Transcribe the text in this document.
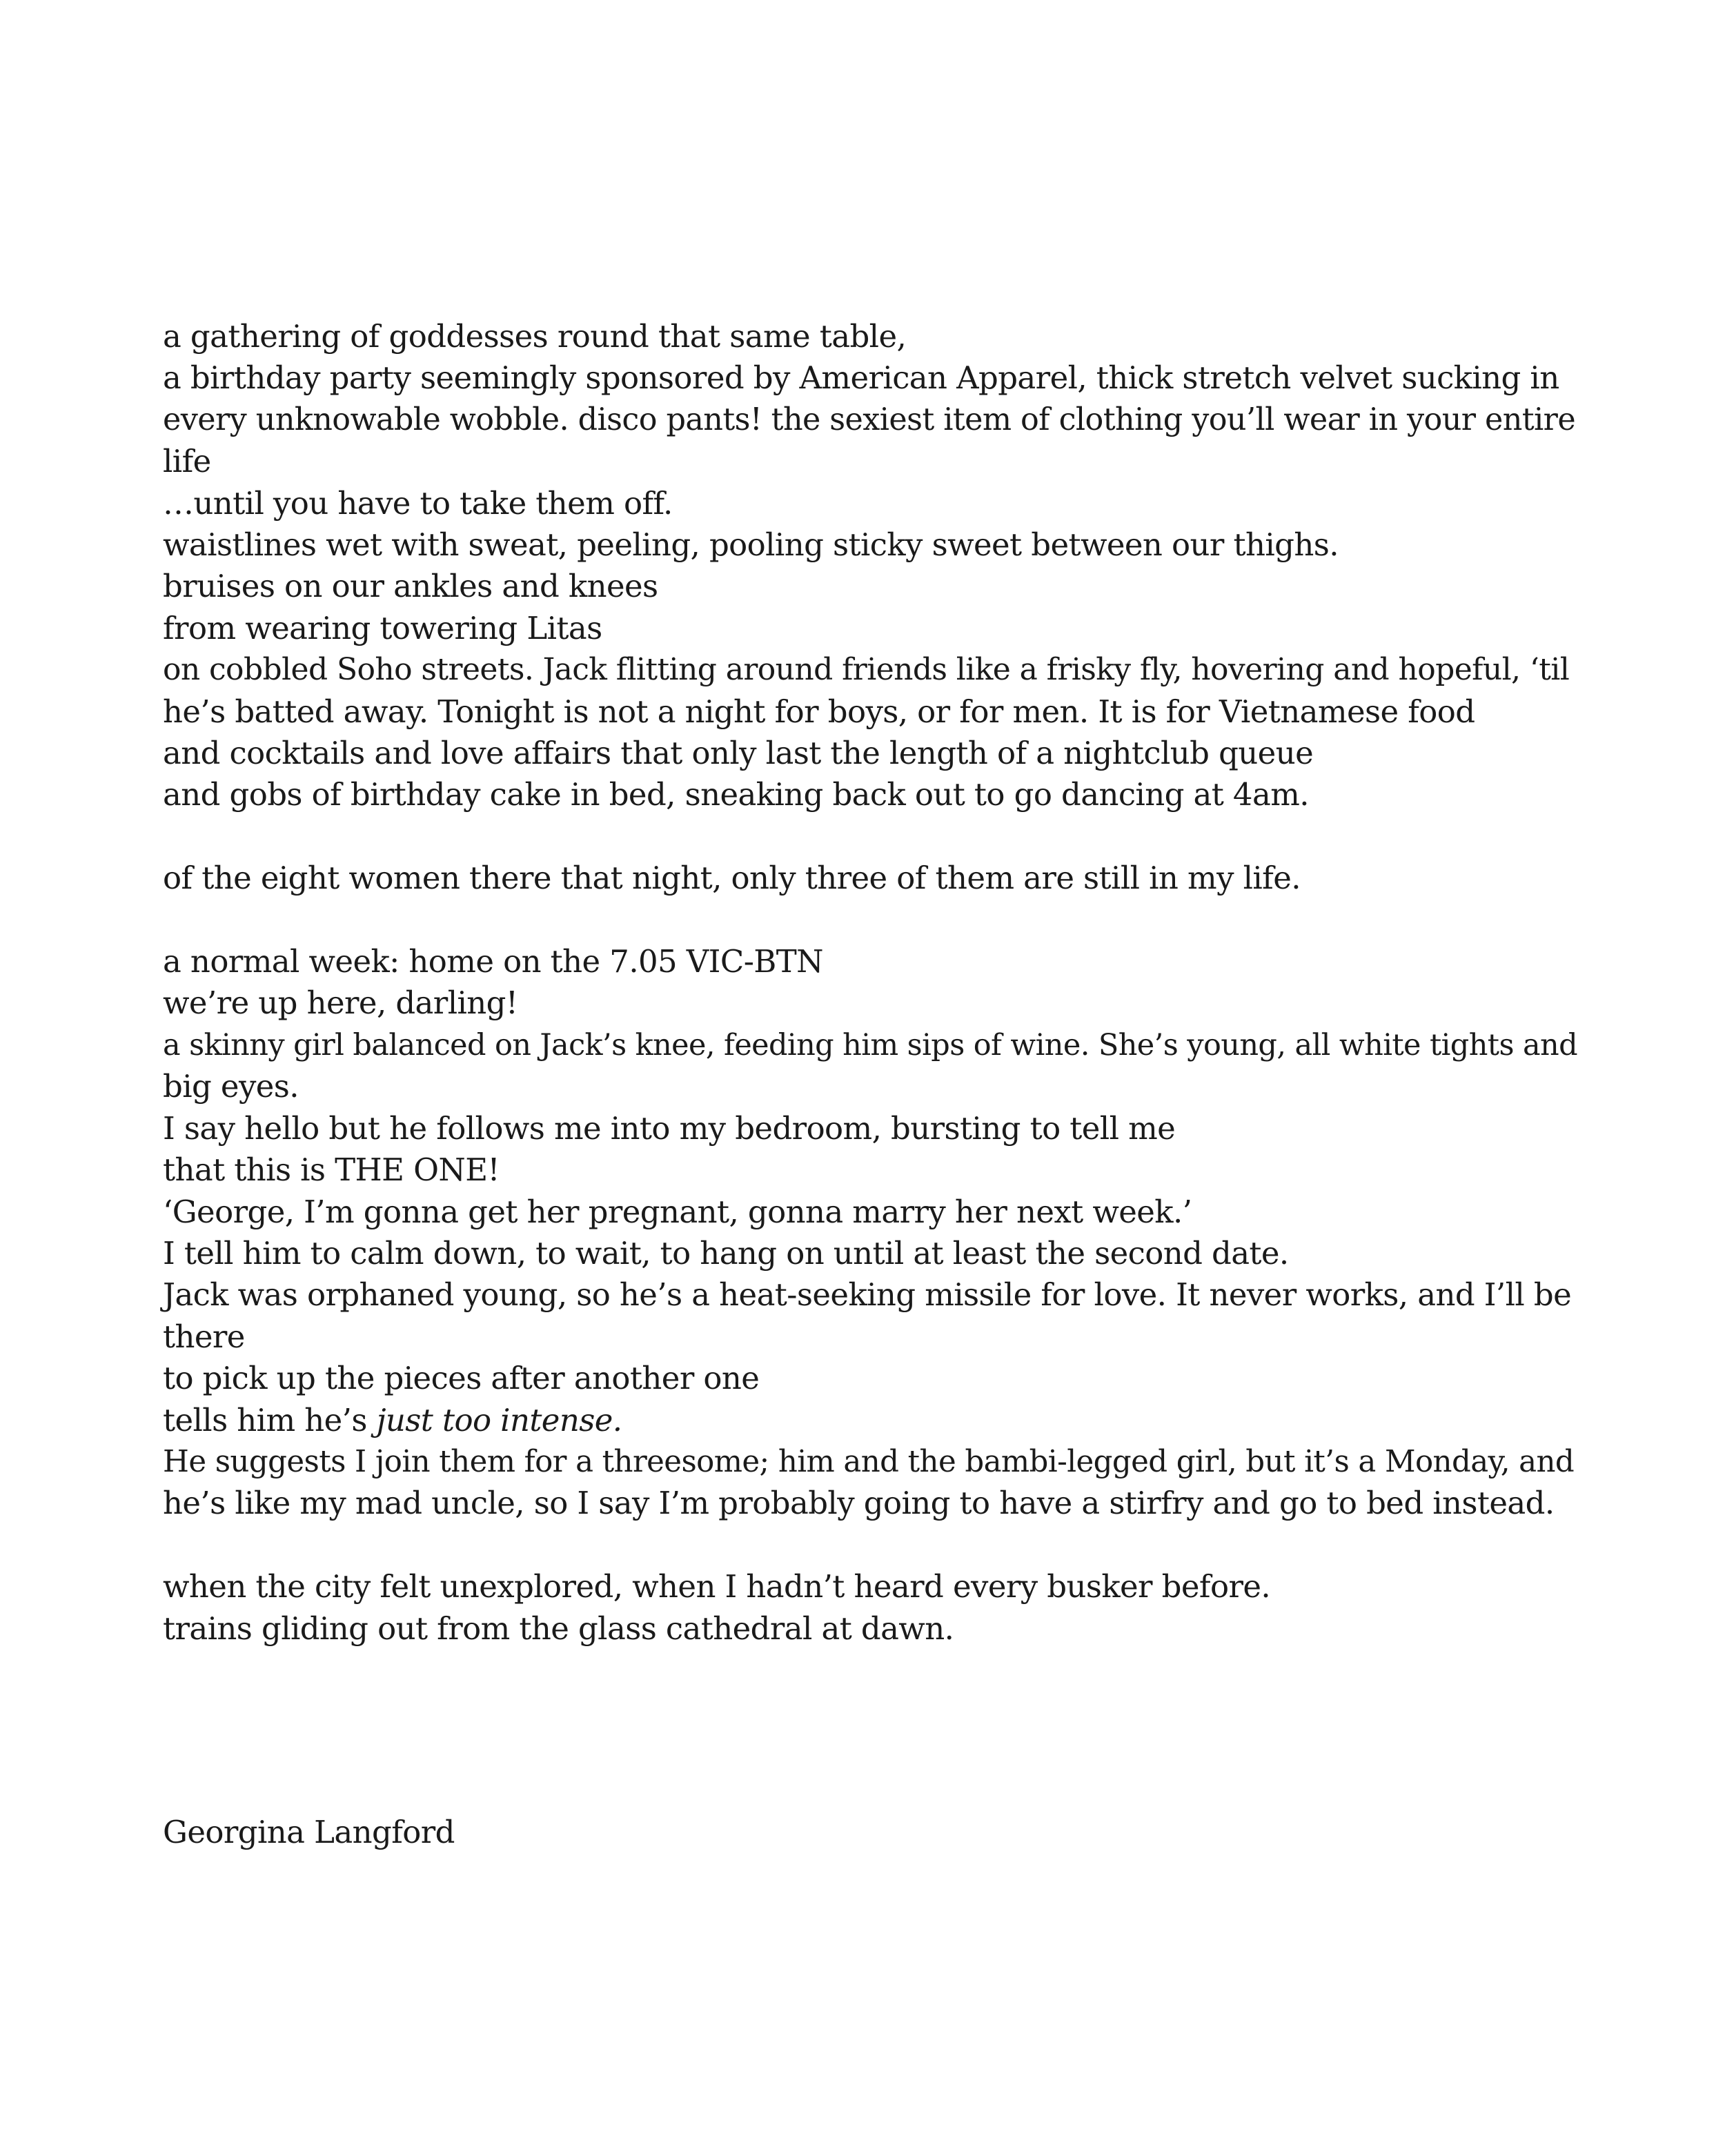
a gathering of goddesses round that same table,
a birthday party seemingly sponsored by American Apparel, thick stretch velvet sucking in
every unknowable wobble. disco pants! the sexiest item of clothing you’ll wear in your entire
life
…until you have to take them off.
waistlines wet with sweat, peeling, pooling sticky sweet between our thighs.
bruises on our ankles and knees
from wearing towering Litas
on cobbled Soho streets. Jack flitting around friends like a frisky fly, hovering and hopeful, ‘til
he’s batted away. Tonight is not a night for boys, or for men. It is for Vietnamese food
and cocktails and love affairs that only last the length of a nightclub queue
and gobs of birthday cake in bed, sneaking back out to go dancing at 4am.
of the eight women there that night, only three of them are still in my life.
a normal week: home on the 7.05 VIC-BTN
we’re up here, darling!
a skinny girl balanced on Jack’s knee, feeding him sips of wine. She’s young, all white tights and
big eyes.
I say hello but he follows me into my bedroom, bursting to tell me
that this is THE ONE!
‘George, I’m gonna get her pregnant, gonna marry her next week.’
I tell him to calm down, to wait, to hang on until at least the second date.
Jack was orphaned young, so he’s a heat-seeking missile for love. It never works, and I’ll be
there
to pick up the pieces after another one
tells him he’s just too intense.
He suggests I join them for a threesome; him and the bambi-legged girl, but it’s a Monday, and
he’s like my mad uncle, so I say I’m probably going to have a stirfry and go to bed instead.
when the city felt unexplored, when I hadn’t heard every busker before.
trains gliding out from the glass cathedral at dawn.
Georgina Langford
